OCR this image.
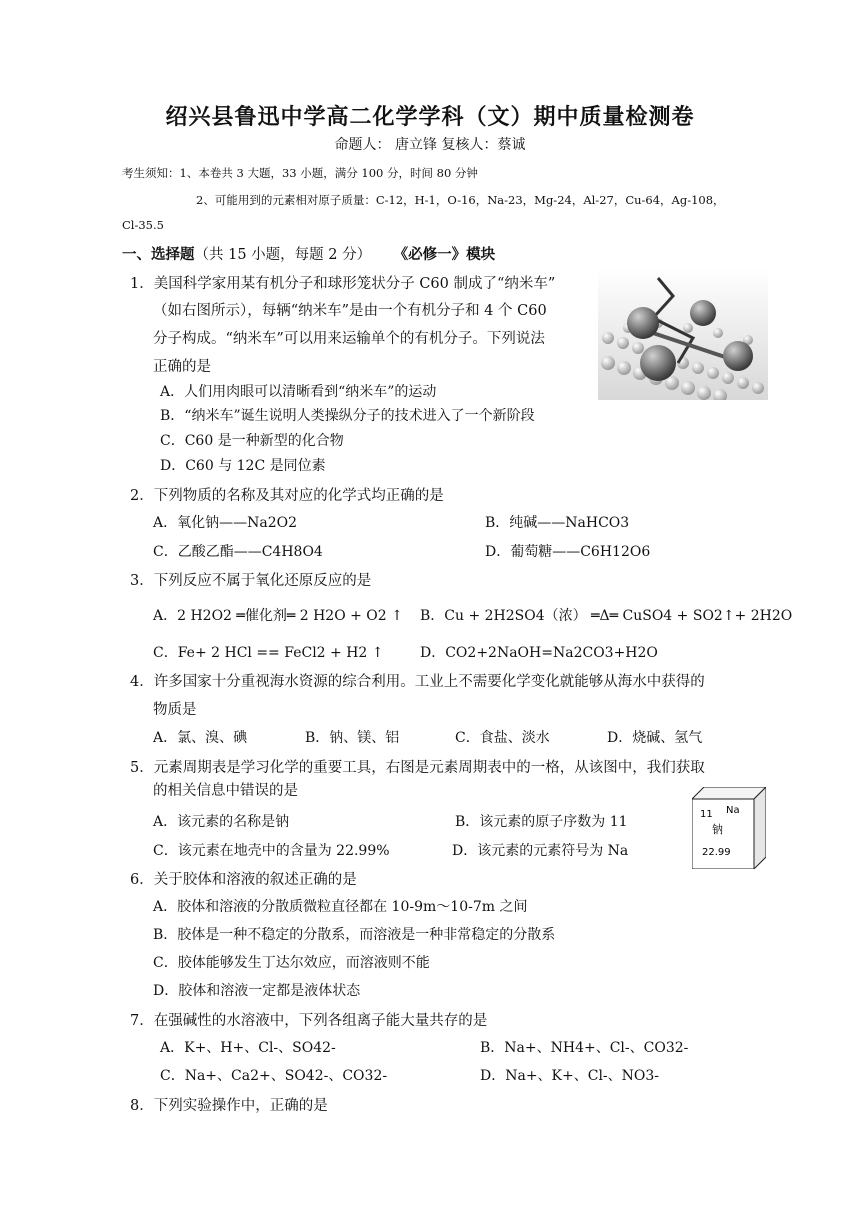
绍兴县鲁迅中学高二化学学科（文）期中质量检测卷
命题人： 唐立锋 复核人：蔡诚
考生须知：1、本卷共 3 大题，33 小题，满分 100 分，时间 80 分钟
2、可能用到的元素相对原子质量：C-12，H-1，O-16，Na-23，Mg-24，Al-27，Cu-64，Ag-108，
Cl-35.5
一、选择题（共 15 小题，每题 2 分） 《必修一》模块
1．美国科学家用某有机分子和球形笼状分子 C60 制成了“纳米车”
（如右图所示），每辆“纳米车”是由一个有机分子和 4 个 C60
分子构成。“纳米车”可以用来运输单个的有机分子。下列说法
正确的是
A．人们用肉眼可以清晰看到“纳米车”的运动
B．“纳米车”诞生说明人类操纵分子的技术进入了一个新阶段
C．C60 是一种新型的化合物
D．C60 与 12C 是同位素
2．下列物质的名称及其对应的化学式均正确的是
A．氧化钠——Na2O2	B．纯碱——NaHCO3
C．乙酸乙酯——C4H8O4	D．葡萄糖——C6H12O6
3．下列反应不属于氧化还原反应的是
A．2 H2O2 ═催化剂═ 2 H2O + O2 ↑ B．Cu + 2H2SO4（浓） ═Δ═ CuSO4 + SO2↑+ 2H2O
C．Fe+ 2 HCl == FeCl2 + H2 ↑	D．CO2+2NaOH=Na2CO3+H2O
4．许多国家十分重视海水资源的综合利用。工业上不需要化学变化就能够从海水中获得的
物质是
A．氯、溴、碘	B．钠、镁、铝	C．食盐、淡水	D．烧碱、氢气
5．元素周期表是学习化学的重要工具，右图是元素周期表中的一格，从该图中，我们获取
的相关信息中错误的是
A．该元素的名称是钠	B．该元素的原子序数为 11
C．该元素在地壳中的含量为 22.99%	D．该元素的元素符号为 Na
11 Na
钠
22.99
6．关于胶体和溶液的叙述正确的是
A．胶体和溶液的分散质微粒直径都在 10-9m～10-7m 之间
B．胶体是一种不稳定的分散系，而溶液是一种非常稳定的分散系
C．胶体能够发生丁达尔效应，而溶液则不能
D．胶体和溶液一定都是液体状态
7．在强碱性的水溶液中，下列各组离子能大量共存的是
A．K+、H+、Cl-、SO42-	B．Na+、NH4+、Cl-、CO32-
C．Na+、Ca2+、SO42-、CO32-	D．Na+、K+、Cl-、NO3-
8．下列实验操作中，正确的是
